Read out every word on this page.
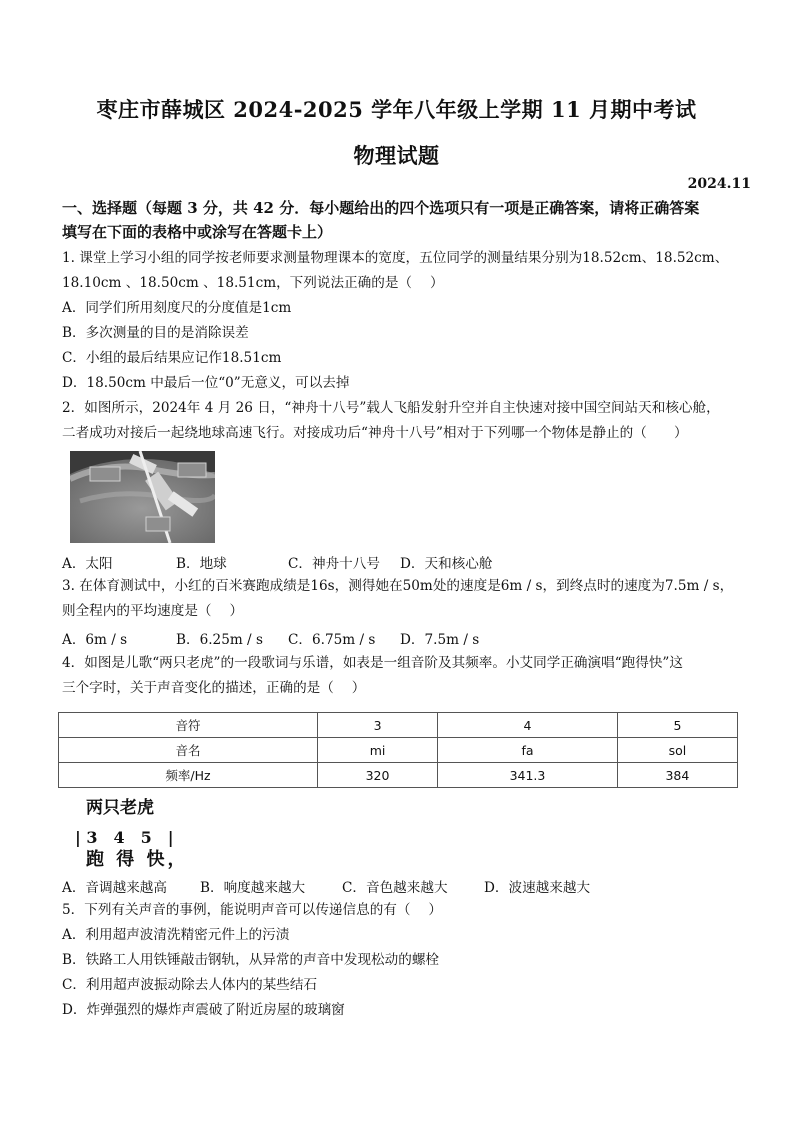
枣庄市薛城区 2024-2025 学年八年级上学期 11 月期中考试
物理试题
2024.11
一、选择题（每题 3 分，共 42 分．每小题给出的四个选项只有一项是正确答案，请将正确答案
填写在下面的表格中或涂写在答题卡上）
1. 课堂上学习小组的同学按老师要求测量物理课本的宽度，五位同学的测量结果分别为18.52cm、18.52cm、
18.10cm 、18.50cm 、18.51cm，下列说法正确的是（　 ）
A．同学们所用刻度尺的分度值是1cm
B．多次测量的目的是消除误差
C．小组的最后结果应记作18.51cm
D．18.50cm 中最后一位“0”无意义，可以去掉
2．如图所示，2024年 4 月 26 日，“神舟十八号”载人飞船发射升空并自主快速对接中国空间站天和核心舱，
二者成功对接后一起绕地球高速飞行。对接成功后“神舟十八号”相对于下列哪一个物体是静止的（　　）
A．太阳	B．地球	C．神舟十八号 D．天和核心舱
3. 在体育测试中，小红的百米赛跑成绩是16s，测得她在50m处的速度是6m / s，到终点时的速度为7.5m / s，
则全程内的平均速度是（　 ）
A．6m / s	B．6.25m / s C．6.75m / s D．7.5m / s
4．如图是儿歌“两只老虎”的一段歌词与乐谱，如表是一组音阶及其频率。小艾同学正确演唱“跑得快”这
三个字时，关于声音变化的描述，正确的是（　 ）
音符	3	4	5
音名	mi	fa	sol
频率/Hz	320	341.3	384
两只老虎
| 3　4　5　|
跑 得 快，
A．音调越来越高 B．响度越来越大	C．音色越来越大	D．波速越来越大
5．下列有关声音的事例，能说明声音可以传递信息的有（　 ）
A．利用超声波清洗精密元件上的污渍
B．铁路工人用铁锤敲击钢轨，从异常的声音中发现松动的螺栓
C．利用超声波振动除去人体内的某些结石
D．炸弹强烈的爆炸声震破了附近房屋的玻璃窗
